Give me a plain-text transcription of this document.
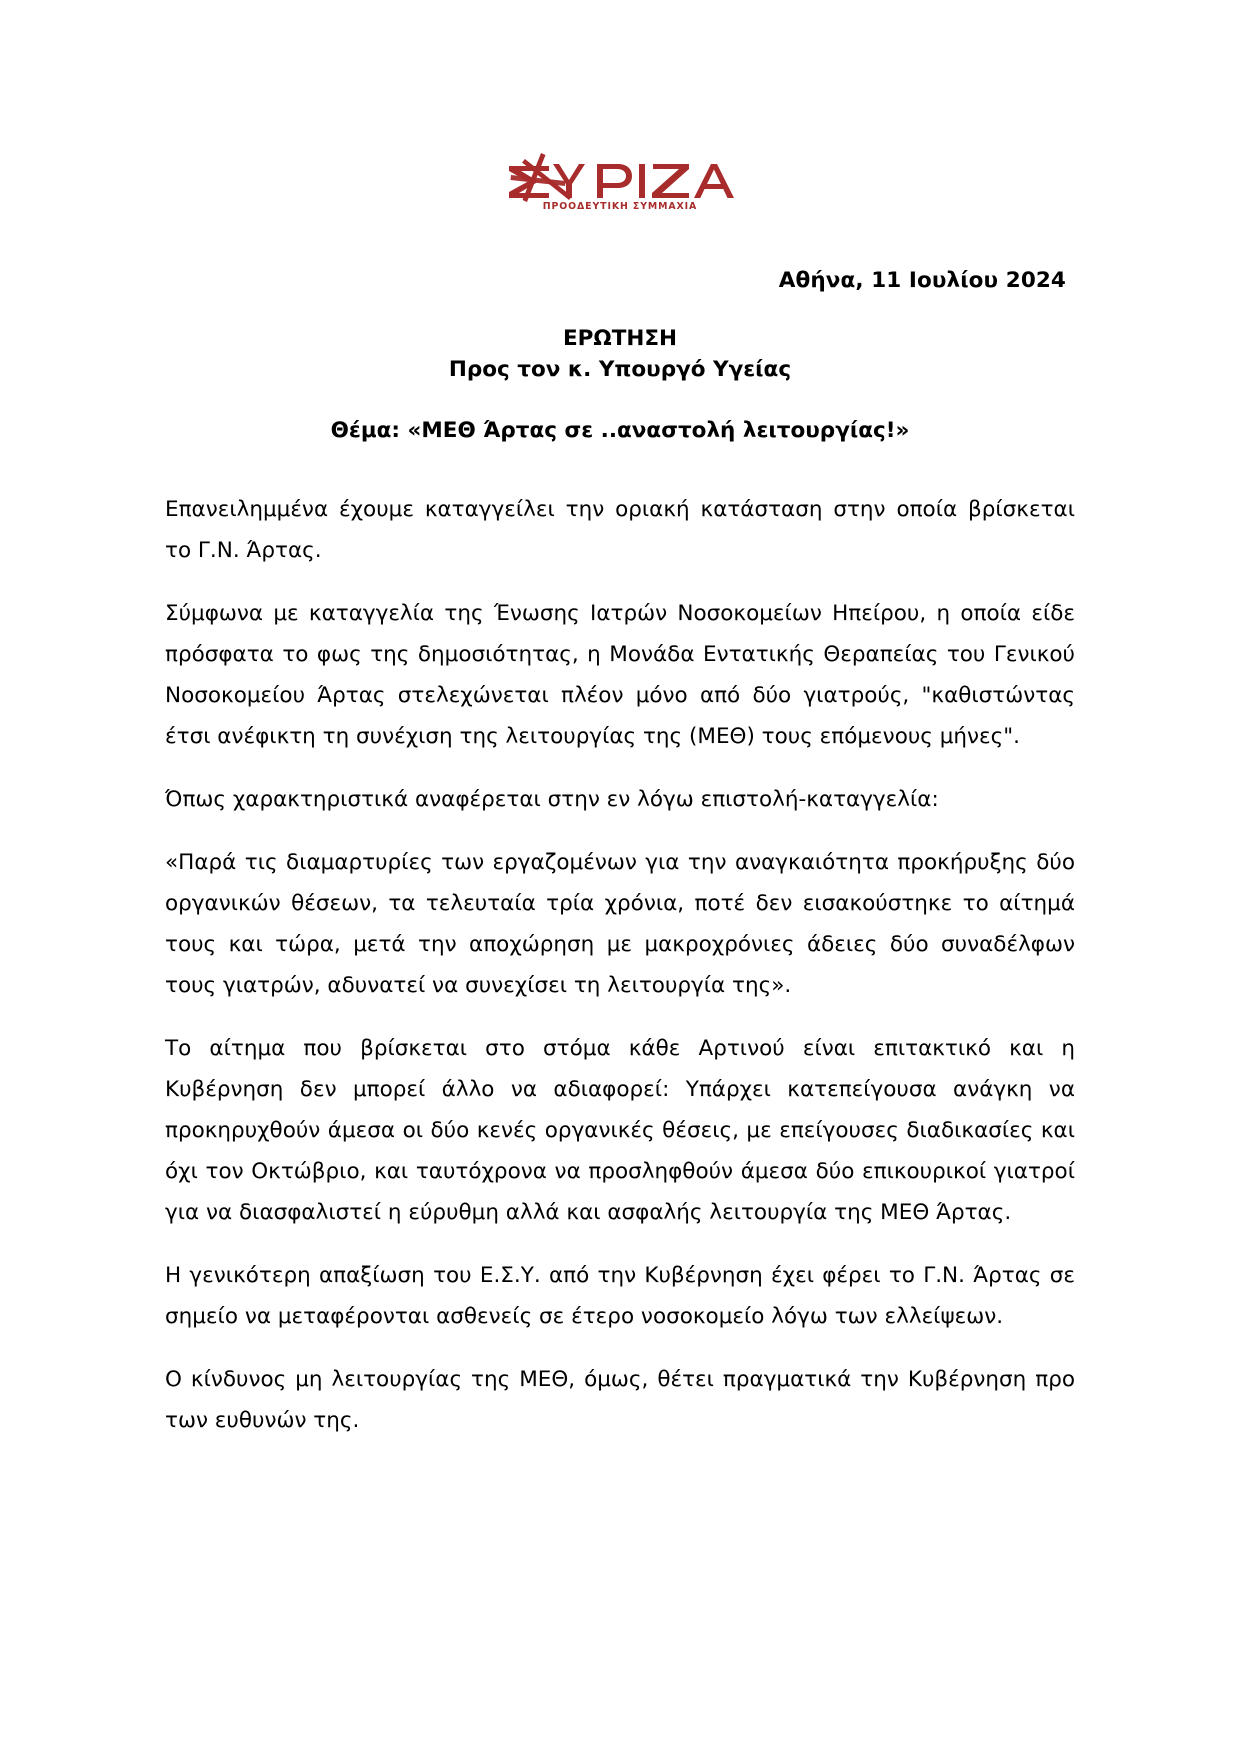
ΠΡΟΟΔΕΥΤΙΚΗ ΣΥΜΜΑΧΙΑ
Αθήνα, 11 Ιουλίου 2024
ΕΡΩΤΗΣΗ
Προς τον κ. Υπουργό Υγείας
Θέμα: «ΜΕΘ Άρτας σε ..αναστολή λειτουργίας!»

Επανειλημμένα έχουμε καταγγείλει την οριακή κατάσταση στην οποία βρίσκεται το Γ.Ν. Άρτας.

Σύμφωνα με καταγγελία της Ένωσης Ιατρών Νοσοκομείων Ηπείρου, η οποία είδε πρόσφατα το φως της δημοσιότητας, η Μονάδα Εντατικής Θεραπείας του Γενικού Νοσοκομείου Άρτας στελεχώνεται πλέον μόνο από δύο γιατρούς, "καθιστώντας έτσι ανέφικτη τη συνέχιση της λειτουργίας της (ΜΕΘ) τους επόμενους μήνες".

Όπως χαρακτηριστικά αναφέρεται στην εν λόγω επιστολή-καταγγελία:

«Παρά τις διαμαρτυρίες των εργαζομένων για την αναγκαιότητα προκήρυξης δύο οργανικών θέσεων, τα τελευταία τρία χρόνια, ποτέ δεν εισακούστηκε το αίτημά τους και τώρα, μετά την αποχώρηση με μακροχρόνιες άδειες δύο συναδέλφων τους γιατρών, αδυνατεί να συνεχίσει τη λειτουργία της».

Το αίτημα που βρίσκεται στο στόμα κάθε Αρτινού είναι επιτακτικό και η Κυβέρνηση δεν μπορεί άλλο να αδιαφορεί: Υπάρχει κατεπείγουσα ανάγκη να προκηρυχθούν άμεσα οι δύο κενές οργανικές θέσεις, με επείγουσες διαδικασίες και όχι τον Οκτώβριο, και ταυτόχρονα να προσληφθούν άμεσα δύο επικουρικοί γιατροί για να διασφαλιστεί η εύρυθμη αλλά και ασφαλής λειτουργία της ΜΕΘ Άρτας.

Η γενικότερη απαξίωση του Ε.Σ.Υ. από την Κυβέρνηση έχει φέρει το Γ.Ν. Άρτας σε σημείο να μεταφέρονται ασθενείς σε έτερο νοσοκομείο λόγω των ελλείψεων.

Ο κίνδυνος μη λειτουργίας της ΜΕΘ, όμως, θέτει πραγματικά την Κυβέρνηση προ των ευθυνών της.
